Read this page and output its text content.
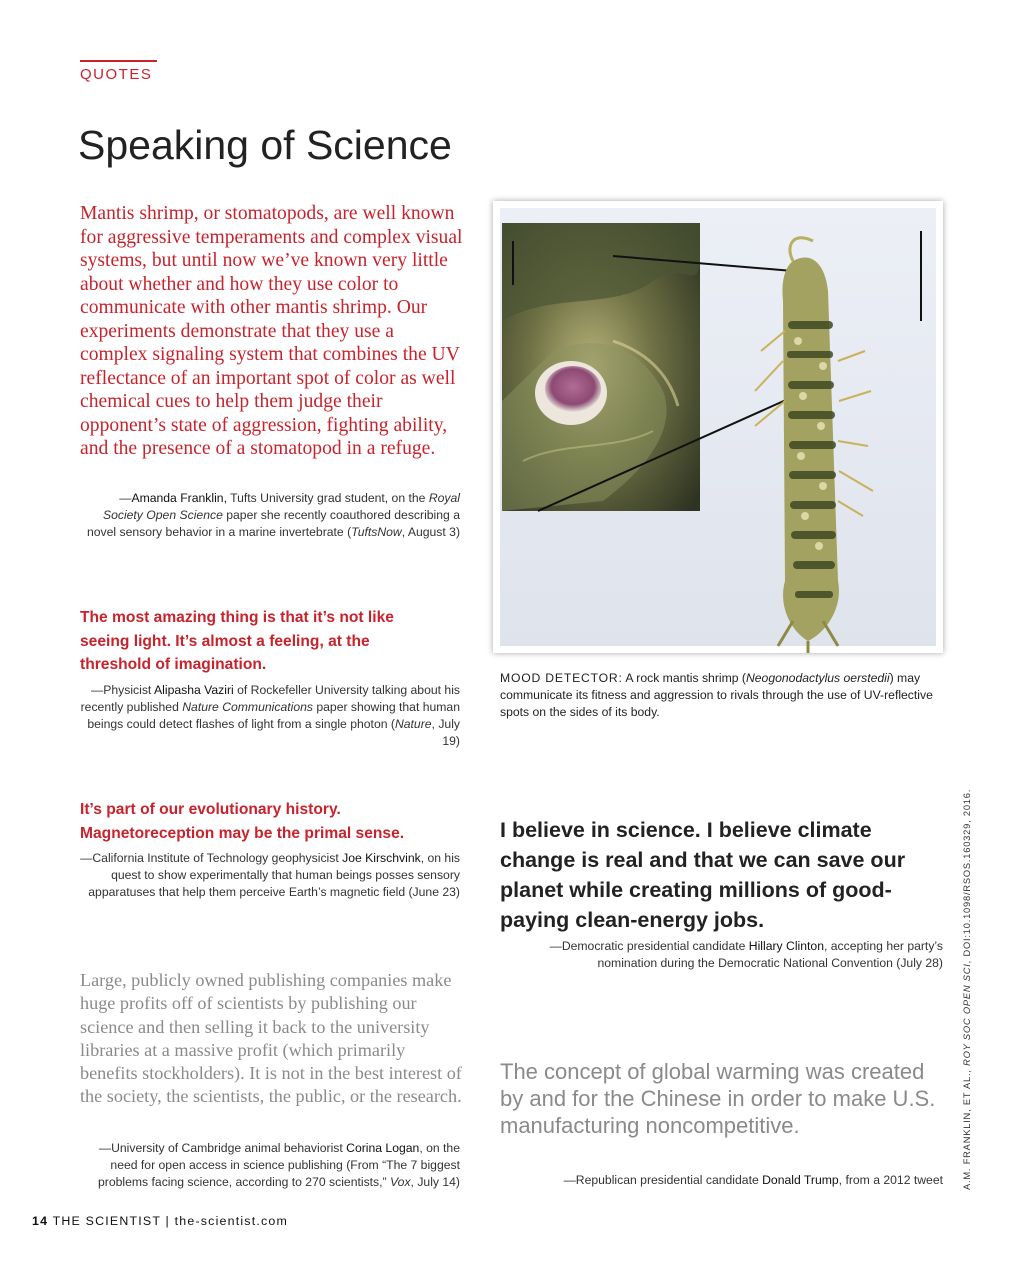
QUOTES
Speaking of Science
Mantis shrimp, or stomatopods, are well known for aggressive temperaments and complex visual systems, but until now we’ve known very little about whether and how they use color to communicate with other mantis shrimp. Our experiments demonstrate that they use a complex signaling system that combines the UV reflectance of an important spot of color as well chemical cues to help them judge their opponent’s state of aggression, fighting ability, and the presence of a stomatopod in a refuge.
—Amanda Franklin, Tufts University grad student, on the Royal Society Open Science paper she recently coauthored describing a novel sensory behavior in a marine invertebrate (TuftsNow, August 3)
The most amazing thing is that it’s not like seeing light. It’s almost a feeling, at the threshold of imagination.
—Physicist Alipasha Vaziri of Rockefeller University talking about his recently published Nature Communications paper showing that human beings could detect flashes of light from a single photon (Nature, July 19)
It’s part of our evolutionary history. Magnetoreception may be the primal sense.
—California Institute of Technology geophysicist Joe Kirschvink, on his quest to show experimentally that human beings posses sensory apparatuses that help them perceive Earth’s magnetic field (June 23)
Large, publicly owned publishing companies make huge profits off of scientists by publishing our science and then selling it back to the university libraries at a massive profit (which primarily benefits stockholders). It is not in the best interest of the society, the scientists, the public, or the research.
—University of Cambridge animal behaviorist Corina Logan, on the need for open access in science publishing (From “The 7 biggest problems facing science, according to 270 scientists,” Vox, July 14)
MOOD DETECTOR: A rock mantis shrimp (Neogonodactylus oerstedii) may communicate its fitness and aggression to rivals through the use of UV-reflective spots on the sides of its body.
I believe in science. I believe climate change is real and that we can save our planet while creating millions of good-paying clean-energy jobs.
—Democratic presidential candidate Hillary Clinton, accepting her party’s nomination during the Democratic National Convention (July 28)
The concept of global warming was created by and for the Chinese in order to make U.S. manufacturing noncompetitive.
—Republican presidential candidate Donald Trump, from a 2012 tweet A.M. FRANKLIN, ET AL., ROY SOC OPEN SCI, DOI:10.1098/RSOS.160329, 2016.
14 THE SCIENTIST | the-scientist.com
